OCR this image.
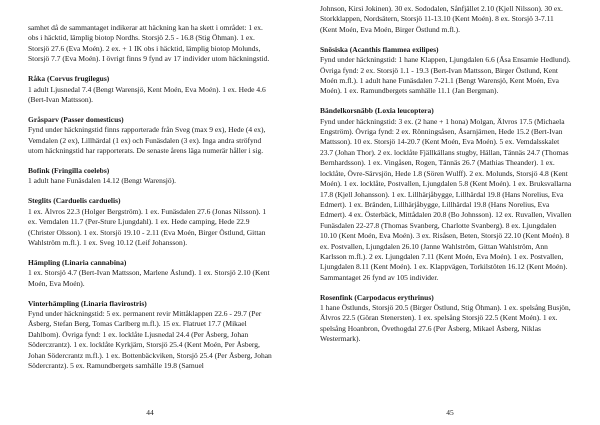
samhet då de sammantaget indikerar att häckning kan ha skett i området: 1 ex. obs i häcktid, lämplig biotop Nordhs. Storsjö 2.5 - 16.8 (Stig Öhman). 1 ex. Storsjö 27.6 (Eva Moén). 2 ex. + 1 IK obs i häcktid, lämplig biotop Molunds, Storsjö 7.7 (Eva Moén). I övrigt finns 9 fynd av 17 individer utom häckningstid.
Råka (Corvus frugilegus)
1 adult Ljusnedal 7.4 (Bengt Warensjö, Kent Moén, Eva Moén). 1 ex. Hede 4.6 (Bert-Ivan Mattsson).
Gråsparv (Passer domesticus)
Fynd under häckningstid finns rapporterade från Sveg (max 9 ex), Hede (4 ex), Vemdalen (2 ex), Lillhärdal (1 ex) och Funäsdalen (3 ex). Inga andra ströfynd utom häckningstid har rapporterats. De senaste årens läga numerär håller i sig.
Bofink (Fringilla coelebs)
1 adult hane Funäsdalen 14.12 (Bengt Warensjö).
Steglits (Carduelis carduelis)
1 ex. Älvros 22.3 (Holger Bergström). 1 ex. Funäsdalen 27.6 (Jonas Nilsson). 1 ex. Vemdalen 11.7 (Per-Sture Ljungdahl). 1 ex. Hede camping, Hede 22.9 (Christer Olsson). 1 ex. Storsjö 19.10 - 2.11 (Eva Moén, Birger Östlund, Gittan Wahlström m.fl.). 1 ex. Sveg 10.12 (Leif Johansson).
Hämpling (Linaria cannabina)
1 ex. Storsjö 4.7 (Bert-Ivan Mattsson, Marlene Åslund). 1 ex. Storsjö 2.10 (Kent Moén, Eva Moén).
Vinterhämpling (Linaria flavirostris)
Fynd under häckningstid: 5 ex. permanent revir Mittåklappen 22.6 - 29.7 (Per Åsberg, Stefan Berg, Tomas Carlberg m.fl.). 15 ex. Flatruet 17.7 (Mikael Dahlbom). Övriga fynd: 1 ex. locklåte Ljusnedal 24.4 (Per Åsberg, Johan Söderczrantz). 1 ex. locklåte Kyrkjärn, Storsjö 25.4 (Kent Moén, Per Åsberg, Johan Södercrantz m.fl.). 1 ex. Bottenbäckviken, Storsjö 25.4 (Per Åsberg, Johan Södercrantz). 5 ex. Ramundbergets samhälle 19.8 (Samuel
44
Johnson, Kirsi Jokinen). 30 ex. Sododalen, Sånfjället 2.10 (Kjell Nilsson). 30 ex. Storkklappen, Nordsätern, Storsjö 11-13.10 (Kent Moén). 8 ex. Storsjö 3-7.11 (Kent Moén, Eva Moén, Birger Östlund m.fl.).
Snösiska (Acanthis flammea exilipes)
Fynd under häckningstid: 1 hane Klappen, Ljungdalen 6.6 (Åsa Ensamie Hedlund). Övriga fynd: 2 ex. Storsjö 1.1 - 19.3 (Bert-Ivan Mattsson, Birger Östlund, Kent Moén m.fl.). 1 adult hane Funäsdalen 7-21.1 (Bengt Warensjö, Kent Moén, Eva Moén). 1 ex. Ramundbergets samhälle 11.1 (Jan Bergman).
Bändelkorsnäbb (Loxia leucoptera)
Fynd under häckningstid: 3 ex. (2 hane + 1 hona) Molgan, Älvros 17.5 (Michaela Engström). Övriga fynd: 2 ex. Rönningsåsen, Åsarnjärnen, Hede 15.2 (Bert-Ivan Mattsson). 10 ex. Storsjö 14-20.7 (Kent Moén, Eva Moén). 5 ex. Vemdalsskalet 23.7 (Johan Thor). 2 ex. locklåte Fjällkällans stugby, Hällan, Tännäs 24.7 (Thomas Bernhardsson). 1 ex. Vingåsen, Rogen, Tännäs 26.7 (Mathias Theander). 1 ex. locklåte, Övre-Särvsjön, Hede 1.8 (Sören Wulff). 2 ex. Molunds, Storsjö 4.8 (Kent Moén). 1 ex. locklåte, Postvallen, Ljungdalen 5.8 (Kent Moén). 1 ex. Bruksvallarna 17.8 (Kjell Johansson). 1 ex. Lillhärjåbygge, Lillhärdal 19.8 (Hans Norelius, Eva Edmert). 1 ex. Bränden, Lillhärjåbygge, Lillhärdal 19.8 (Hans Norelius, Eva Edmert). 4 ex. Österbäck, Mittådalen 20.8 (Bo Johnsson). 12 ex. Ruvallen, Vivallen Funäsdalen 22-27.8 (Thomas Svanberg, Charlotte Svanberg). 8 ex. Ljungdalen 10.10 (Kent Moén, Eva Moén). 3 ex. Risåsen, Beten, Storsjö 22.10 (Kent Moén). 8 ex. Postvallen, Ljungdalen 26.10 (Janne Wahlström, Gittan Wahlström, Ann Karlsson m.fl.). 2 ex. Ljungdalen 7.11 (Kent Moén, Eva Moén). 1 ex. Postvallen, Ljungdalen 8.11 (Kent Moén). 1 ex. Klappvägen, Torkilstöten 16.12 (Kent Moén). Sammantaget 26 fynd av 105 individer.
Rosenfink (Carpodacus erythrinus)
1 hane Östlunds, Storsjö 20.5 (Birger Östlund, Stig Öhman). 1 ex. spelsång Busjön, Älvros 22.5 (Göran Stenersten). 1 ex. spelsång Storsjö 22.5 (Kent Moén). 1 ex. spelsång Hoanbron, Övethogdal 27.6 (Per Åsberg, Mikael Åsberg, Niklas Westermark).
45
